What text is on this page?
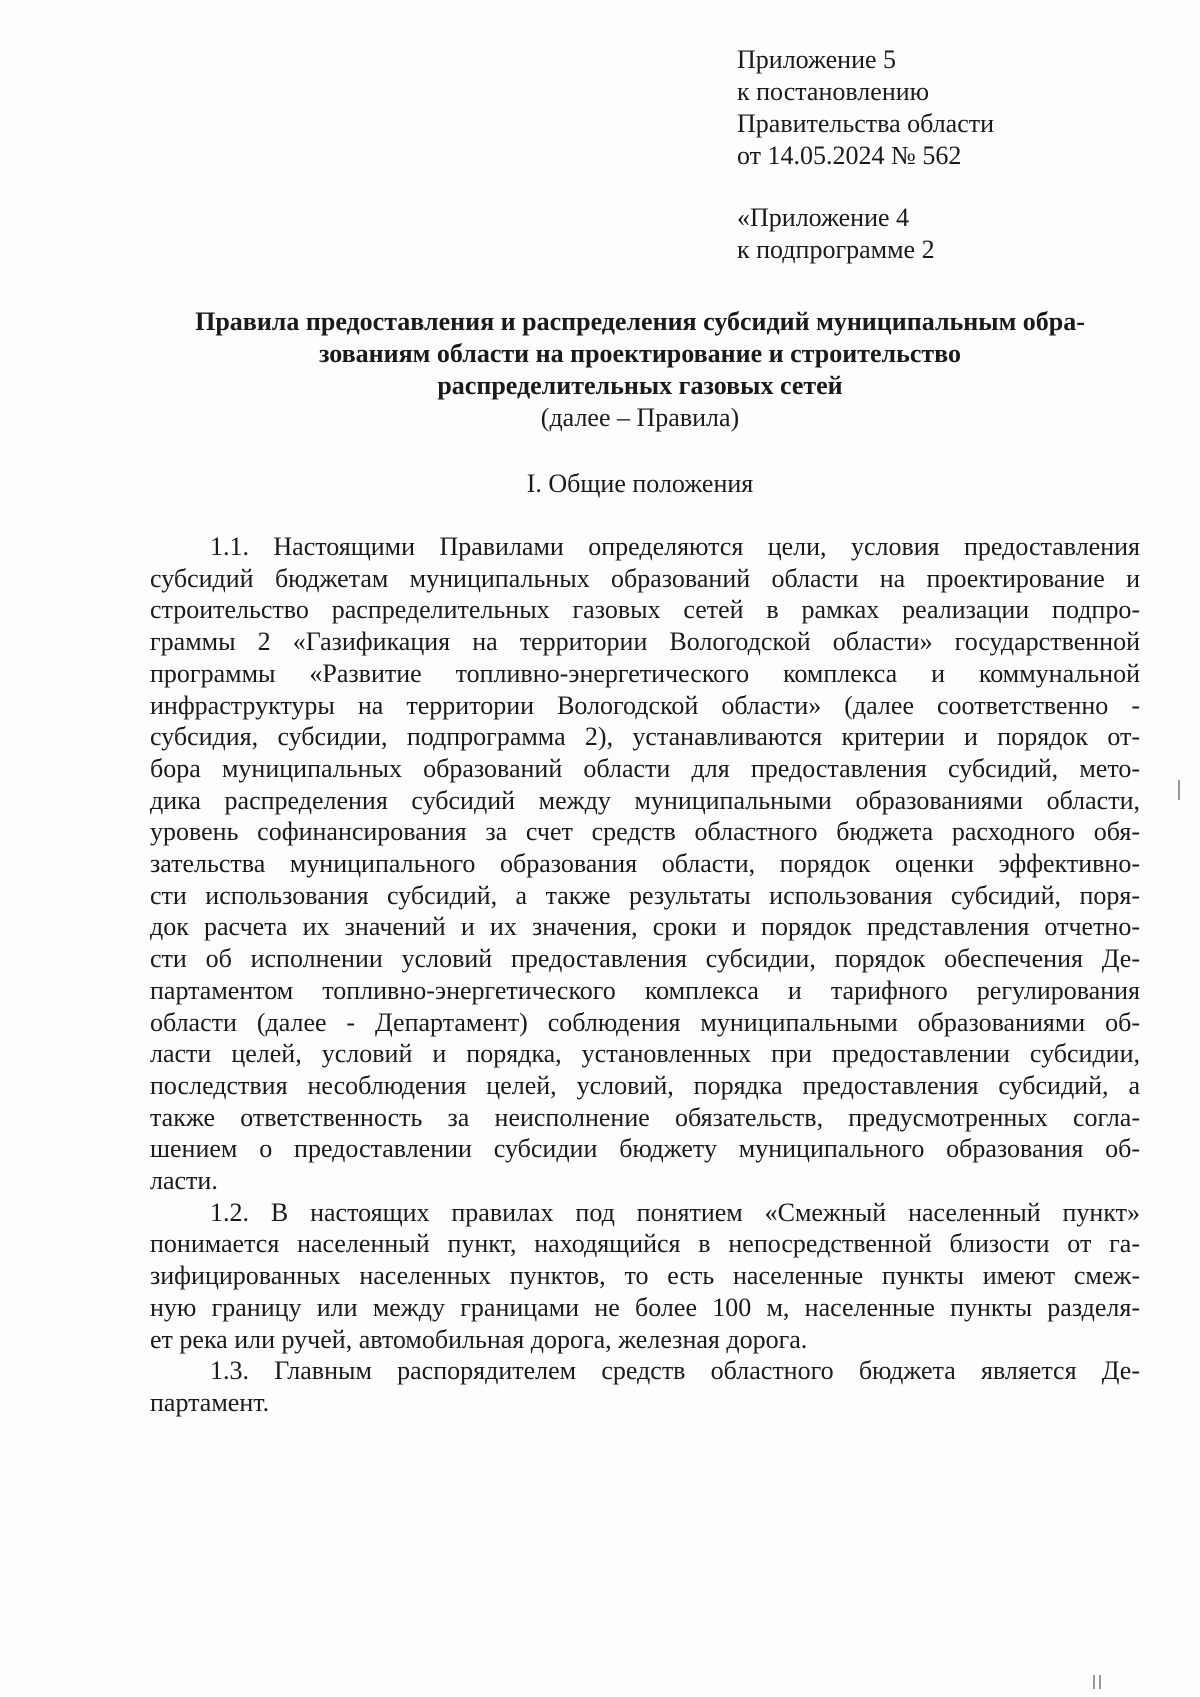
Приложение 5
к постановлению
Правительства области
от 14.05.2024 № 562
«Приложение 4
к подпрограмме 2
Правила предоставления и распределения субсидий муниципальным обра-
зованиям области на проектирование и строительство
распределительных газовых сетей
(далее – Правила)
I. Общие положения
1.1. Настоящими Правилами определяются цели, условия предоставления
субсидий бюджетам муниципальных образований области на проектирование и
строительство распределительных газовых сетей в рамках реализации подпро-
граммы 2 «Газификация на территории Вологодской области» государственной
программы «Развитие топливно-энергетического комплекса и коммунальной
инфраструктуры на территории Вологодской области» (далее соответственно -
субсидия, субсидии, подпрограмма 2), устанавливаются критерии и порядок от-
бора муниципальных образований области для предоставления субсидий, мето-
дика распределения субсидий между муниципальными образованиями области,
уровень софинансирования за счет средств областного бюджета расходного обя-
зательства муниципального образования области, порядок оценки эффективно-
сти использования субсидий, а также результаты использования субсидий, поря-
док расчета их значений и их значения, сроки и порядок представления отчетно-
сти об исполнении условий предоставления субсидии, порядок обеспечения Де-
партаментом топливно-энергетического комплекса и тарифного регулирования
области (далее - Департамент) соблюдения муниципальными образованиями об-
ласти целей, условий и порядка, установленных при предоставлении субсидии,
последствия несоблюдения целей, условий, порядка предоставления субсидий, а
также ответственность за неисполнение обязательств, предусмотренных согла-
шением о предоставлении субсидии бюджету муниципального образования об-
ласти.
1.2. В настоящих правилах под понятием «Смежный населенный пункт»
понимается населенный пункт, находящийся в непосредственной близости от га-
зифицированных населенных пунктов, то есть населенные пункты имеют смеж-
ную границу или между границами не более 100 м, населенные пункты разделя-
ет река или ручей, автомобильная дорога, железная дорога.
1.3. Главным распорядителем средств областного бюджета является Де-
партамент.
